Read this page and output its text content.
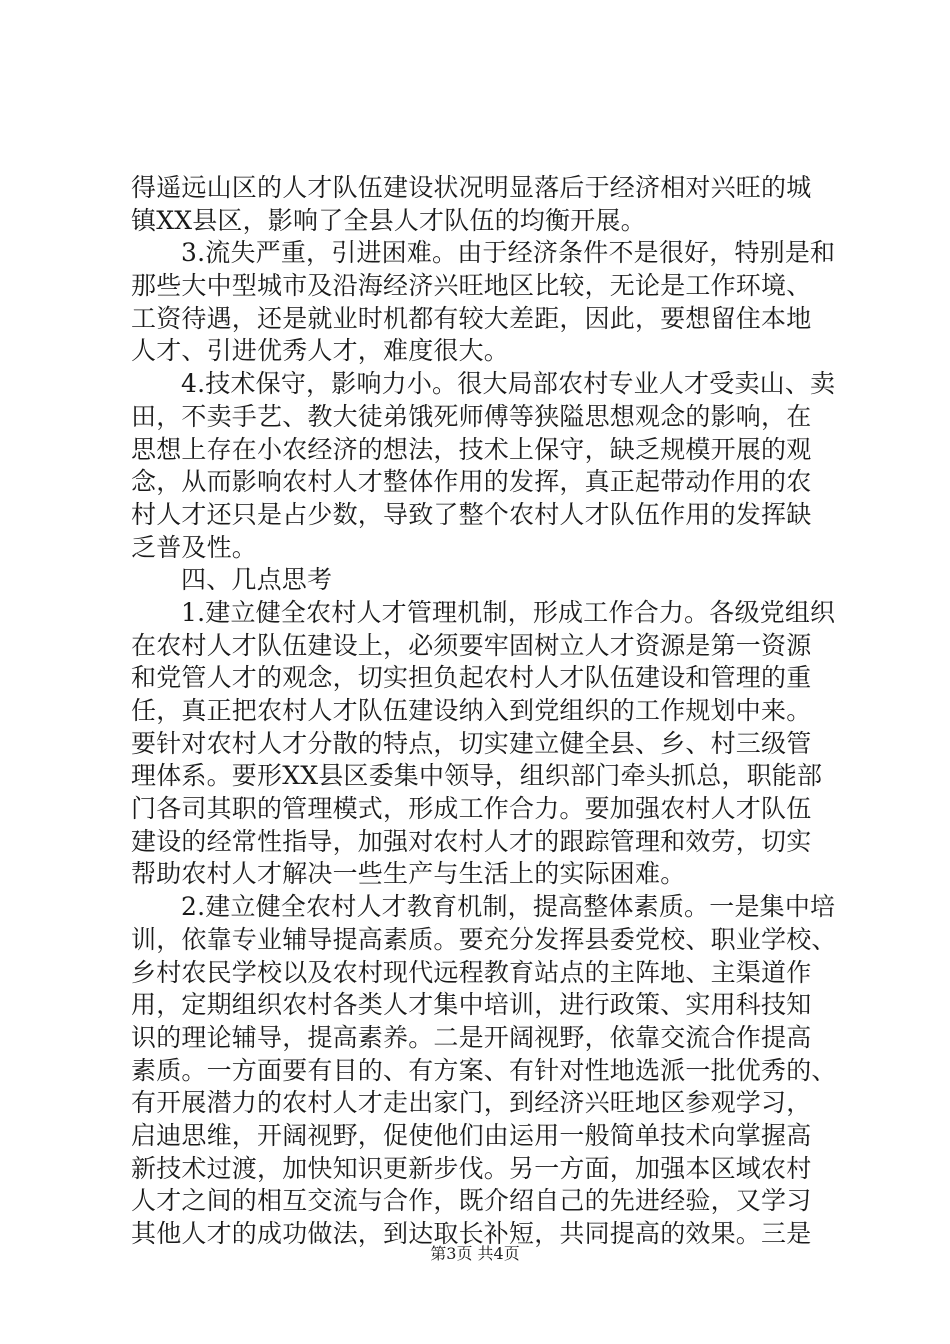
得遥远山区的人才队伍建设状况明显落后于经济相对兴旺的城
镇XX县区，影响了全县人才队伍的均衡开展。
3.流失严重，引进困难。由于经济条件不是很好，特别是和
那些大中型城市及沿海经济兴旺地区比较，无论是工作环境、
工资待遇，还是就业时机都有较大差距，因此，要想留住本地
人才、引进优秀人才，难度很大。
4.技术保守，影响力小。很大局部农村专业人才受卖山、卖
田，不卖手艺、教大徒弟饿死师傅等狭隘思想观念的影响，在
思想上存在小农经济的想法，技术上保守，缺乏规模开展的观
念，从而影响农村人才整体作用的发挥，真正起带动作用的农
村人才还只是占少数，导致了整个农村人才队伍作用的发挥缺
乏普及性。
四、几点思考
1.建立健全农村人才管理机制，形成工作合力。各级党组织
在农村人才队伍建设上，必须要牢固树立人才资源是第一资源
和党管人才的观念，切实担负起农村人才队伍建设和管理的重
任，真正把农村人才队伍建设纳入到党组织的工作规划中来。
要针对农村人才分散的特点，切实建立健全县、乡、村三级管
理体系。要形XX县区委集中领导，组织部门牵头抓总，职能部
门各司其职的管理模式，形成工作合力。要加强农村人才队伍
建设的经常性指导，加强对农村人才的跟踪管理和效劳，切实
帮助农村人才解决一些生产与生活上的实际困难。
2.建立健全农村人才教育机制，提高整体素质。一是集中培
训，依靠专业辅导提高素质。要充分发挥县委党校、职业学校、
乡村农民学校以及农村现代远程教育站点的主阵地、主渠道作
用，定期组织农村各类人才集中培训，进行政策、实用科技知
识的理论辅导，提高素养。二是开阔视野，依靠交流合作提高
素质。一方面要有目的、有方案、有针对性地选派一批优秀的、
有开展潜力的农村人才走出家门，到经济兴旺地区参观学习，
启迪思维，开阔视野，促使他们由运用一般简单技术向掌握高
新技术过渡，加快知识更新步伐。另一方面，加强本区域农村
人才之间的相互交流与合作，既介绍自己的先进经验，又学习
其他人才的成功做法，到达取长补短，共同提高的效果。三是
第3页 共4页
